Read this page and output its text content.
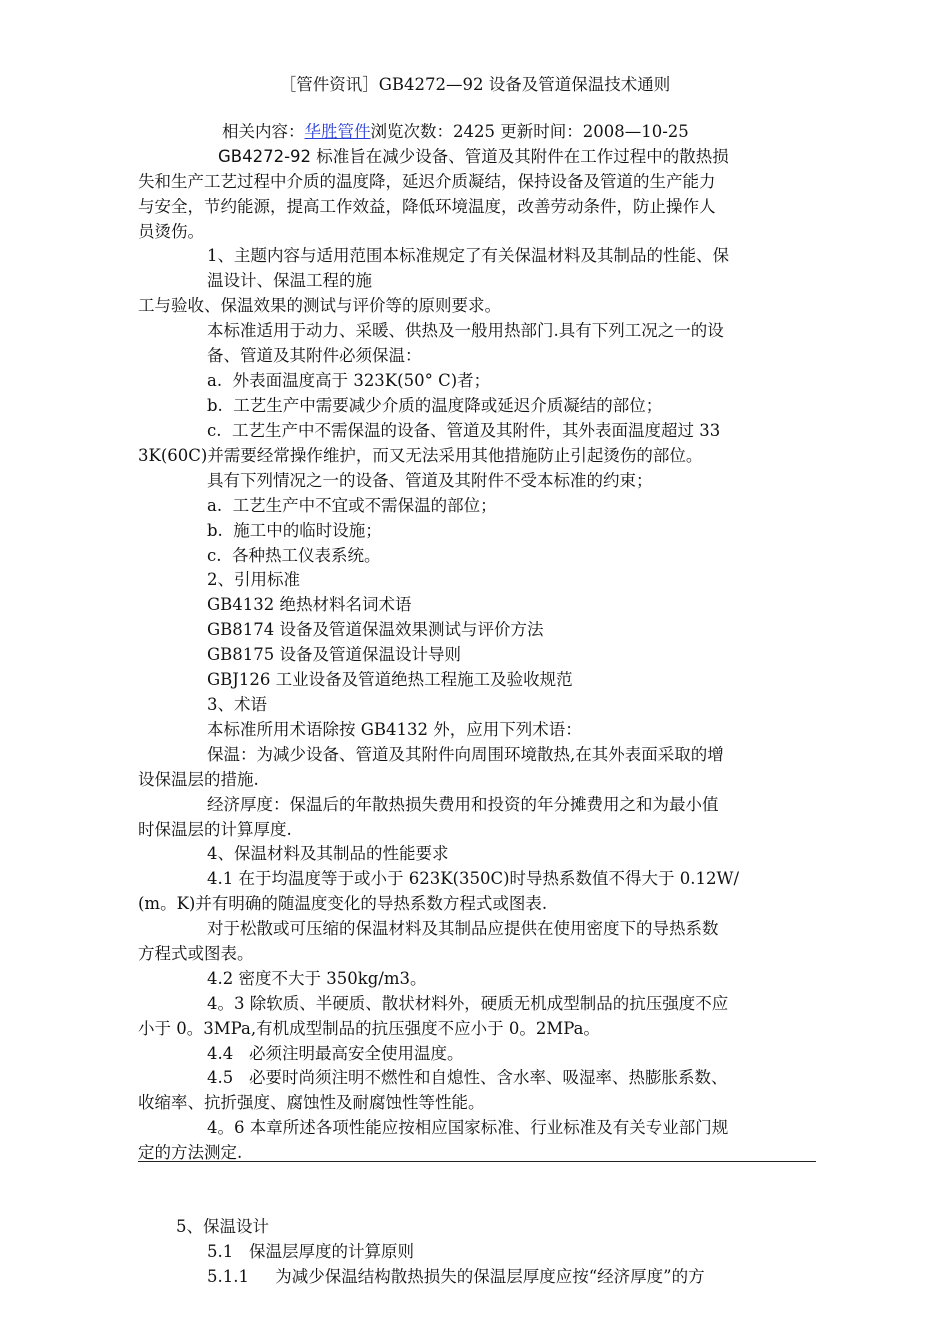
［管件资讯］GB4272—92 设备及管道保温技术通则
相关内容：华胜管件浏览次数：2425 更新时间：2008—10-25
GB4272-92 标准旨在减少设备、管道及其附件在工作过程中的散热损
失和生产工艺过程中介质的温度降，延迟介质凝结，保持设备及管道的生产能力
与安全，节约能源，提高工作效益，降低环境温度，改善劳动条件，防止操作人
员烫伤。
1、主题内容与适用范围本标准规定了有关保温材料及其制品的性能、保
温设计、保温工程的施
工与验收、保温效果的测试与评价等的原则要求。
本标准适用于动力、采暖、供热及一般用热部门.具有下列工况之一的设
备、管道及其附件必须保温：
a.  外表面温度高于 323K(50° C)者；
b.  工艺生产中需要减少介质的温度降或延迟介质凝结的部位；
c.  工艺生产中不需保温的设备、管道及其附件，其外表面温度超过 33
3K(60C)并需要经常操作维护，而又无法采用其他措施防止引起烫伤的部位。
具有下列情况之一的设备、管道及其附件不受本标准的约束；
a.  工艺生产中不宜或不需保温的部位；
b.  施工中的临时设施；
c.  各种热工仪表系统。
2、引用标准
GB4132 绝热材料名词术语
GB8174 设备及管道保温效果测试与评价方法
GB8175 设备及管道保温设计导则
GBJ126 工业设备及管道绝热工程施工及验收规范
3、术语
本标准所用术语除按 GB4132 外，应用下列术语：
保温：为减少设备、管道及其附件向周围环境散热,在其外表面采取的增
设保温层的措施.
经济厚度：保温后的年散热损失费用和投资的年分摊费用之和为最小值
时保温层的计算厚度.
4、保温材料及其制品的性能要求
4.1 在于均温度等于或小于 623K(350C)时导热系数值不得大于 0.12W/
(m。K)并有明确的随温度变化的导热系数方程式或图表.
对于松散或可压缩的保温材料及其制品应提供在使用密度下的导热系数
方程式或图表。
4.2 密度不大于 350kg/m3。
4。3 除软质、半硬质、散状材料外，硬质无机成型制品的抗压强度不应
小于 0。3MPa,有机成型制品的抗压强度不应小于 0。2MPa。
4.4   必须注明最高安全使用温度。
4.5   必要时尚须注明不燃性和自熄性、含水率、吸湿率、热膨胀系数、
收缩率、抗折强度、腐蚀性及耐腐蚀性等性能。
4。6 本章所述各项性能应按相应国家标准、行业标准及有关专业部门规
定的方法测定.
5、保温设计
5.1   保温层厚度的计算原则
5.1.1     为减少保温结构散热损失的保温层厚度应按“经济厚度”的方
